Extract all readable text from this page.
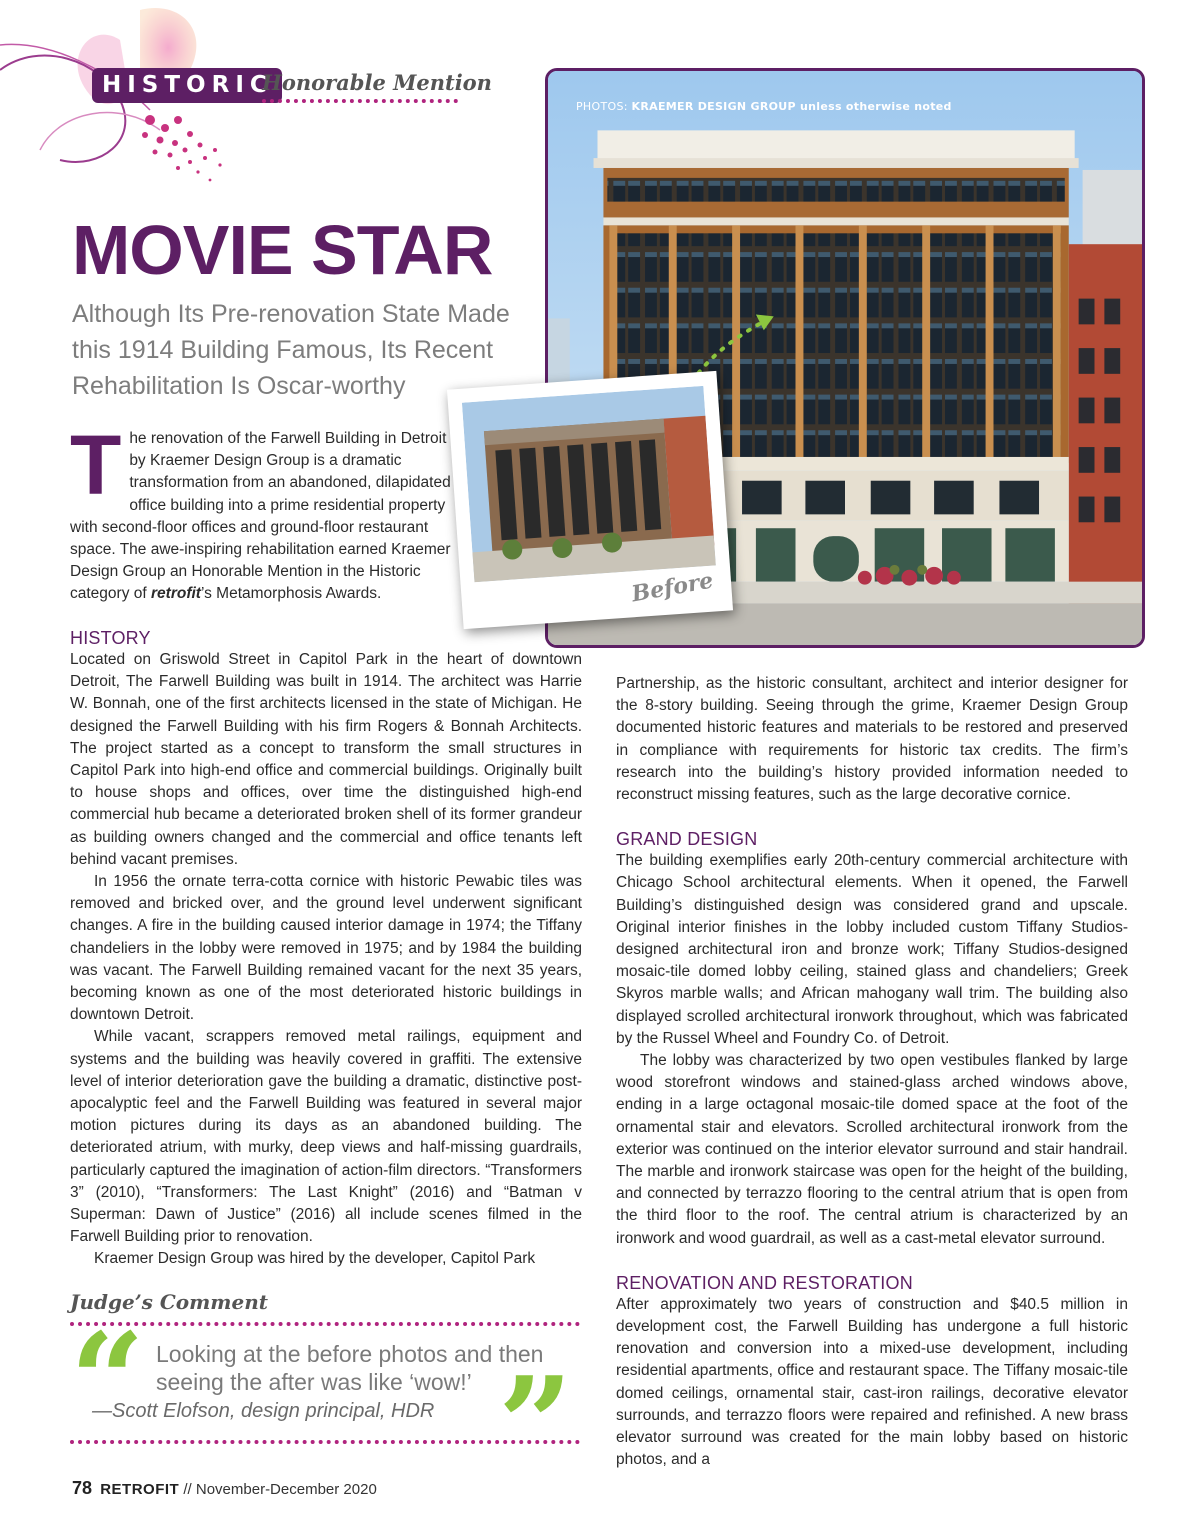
HISTORIC
Honorable Mention
MOVIE STAR
Although Its Pre-renovation State Made this 1914 Building Famous, Its Recent Rehabilitation Is Oscar-worthy
PHOTOS: KRAEMER DESIGN GROUP unless otherwise noted
Before
The renovation of the Farwell Building in Detroit by Kraemer Design Group is a dramatic transformation from an abandoned, dilapidated office building into a prime residential property with second-floor offices and ground-floor restaurant space. The awe-inspiring rehabilitation earned Kraemer Design Group an Honorable Mention in the Historic category of retrofit’s Metamorphosis Awards.
HISTORY

Located on Griswold Street in Capitol Park in the heart of downtown Detroit, The Farwell Building was built in 1914. The architect was Harrie W. Bonnah, one of the first architects licensed in the state of Michigan. He designed the Farwell Building with his firm Rogers & Bonnah Architects. The project started as a concept to transform the small structures in Capitol Park into high-end office and commercial buildings. Originally built to house shops and offices, over time the distinguished high-end commercial hub became a deteriorated broken shell of its former grandeur as building owners changed and the commercial and office tenants left behind vacant premises.

In 1956 the ornate terra-cotta cornice with historic Pewabic tiles was removed and bricked over, and the ground level underwent significant changes. A fire in the building caused interior damage in 1974; the Tiffany chandeliers in the lobby were removed in 1975; and by 1984 the building was vacant. The Farwell Building remained vacant for the next 35 years, becoming known as one of the most deteriorated historic buildings in downtown Detroit.

While vacant, scrappers removed metal railings, equipment and systems and the building was heavily covered in graffiti. The extensive level of interior deterioration gave the building a dramatic, distinctive post-apocalyptic feel and the Farwell Building was featured in several major motion pictures during its days as an abandoned building. The deteriorated atrium, with murky, deep views and half-missing guardrails, particularly captured the imagination of action-film directors. “Transformers 3” (2010), “Transformers: The Last Knight” (2016) and “Batman v Superman: Dawn of Justice” (2016) all include scenes filmed in the Farwell Building prior to renovation.

Kraemer Design Group was hired by the developer, Capitol Park

Judge’s Comment
“ Looking at the before photos and then seeing the after was like ‘wow!’
—Scott Elofson, design principal, HDR ”

Partnership, as the historic consultant, architect and interior designer for the 8-story building. Seeing through the grime, Kraemer Design Group documented historic features and materials to be restored and preserved in compliance with requirements for historic tax credits. The firm’s research into the building’s history provided information needed to reconstruct missing features, such as the large decorative cornice.

GRAND DESIGN

The building exemplifies early 20th-century commercial architecture with Chicago School architectural elements. When it opened, the Farwell Building’s distinguished design was considered grand and upscale. Original interior finishes in the lobby included custom Tiffany Studios-designed architectural iron and bronze work; Tiffany Studios-designed mosaic-tile domed lobby ceiling, stained glass and chandeliers; Greek Skyros marble walls; and African mahogany wall trim. The building also displayed scrolled architectural ironwork throughout, which was fabricated by the Russel Wheel and Foundry Co. of Detroit.

The lobby was characterized by two open vestibules flanked by large wood storefront windows and stained-glass arched windows above, ending in a large octagonal mosaic-tile domed space at the foot of the ornamental stair and elevators. Scrolled architectural ironwork from the exterior was continued on the interior elevator surround and stair handrail. The marble and ironwork staircase was open for the height of the building, and connected by terrazzo flooring to the central atrium that is open from the third floor to the roof. The central atrium is characterized by an ironwork and wood guardrail, as well as a cast-metal elevator surround.

RENOVATION AND RESTORATION

After approximately two years of construction and $40.5 million in development cost, the Farwell Building has undergone a full historic renovation and conversion into a mixed-use development, including residential apartments, office and restaurant space. The Tiffany mosaic-tile domed ceilings, ornamental stair, cast-iron railings, decorative elevator surrounds, and terrazzo floors were repaired and refinished. A new brass elevator surround was created for the main lobby based on historic photos, and a

78 RETROFIT // November-December 2020
